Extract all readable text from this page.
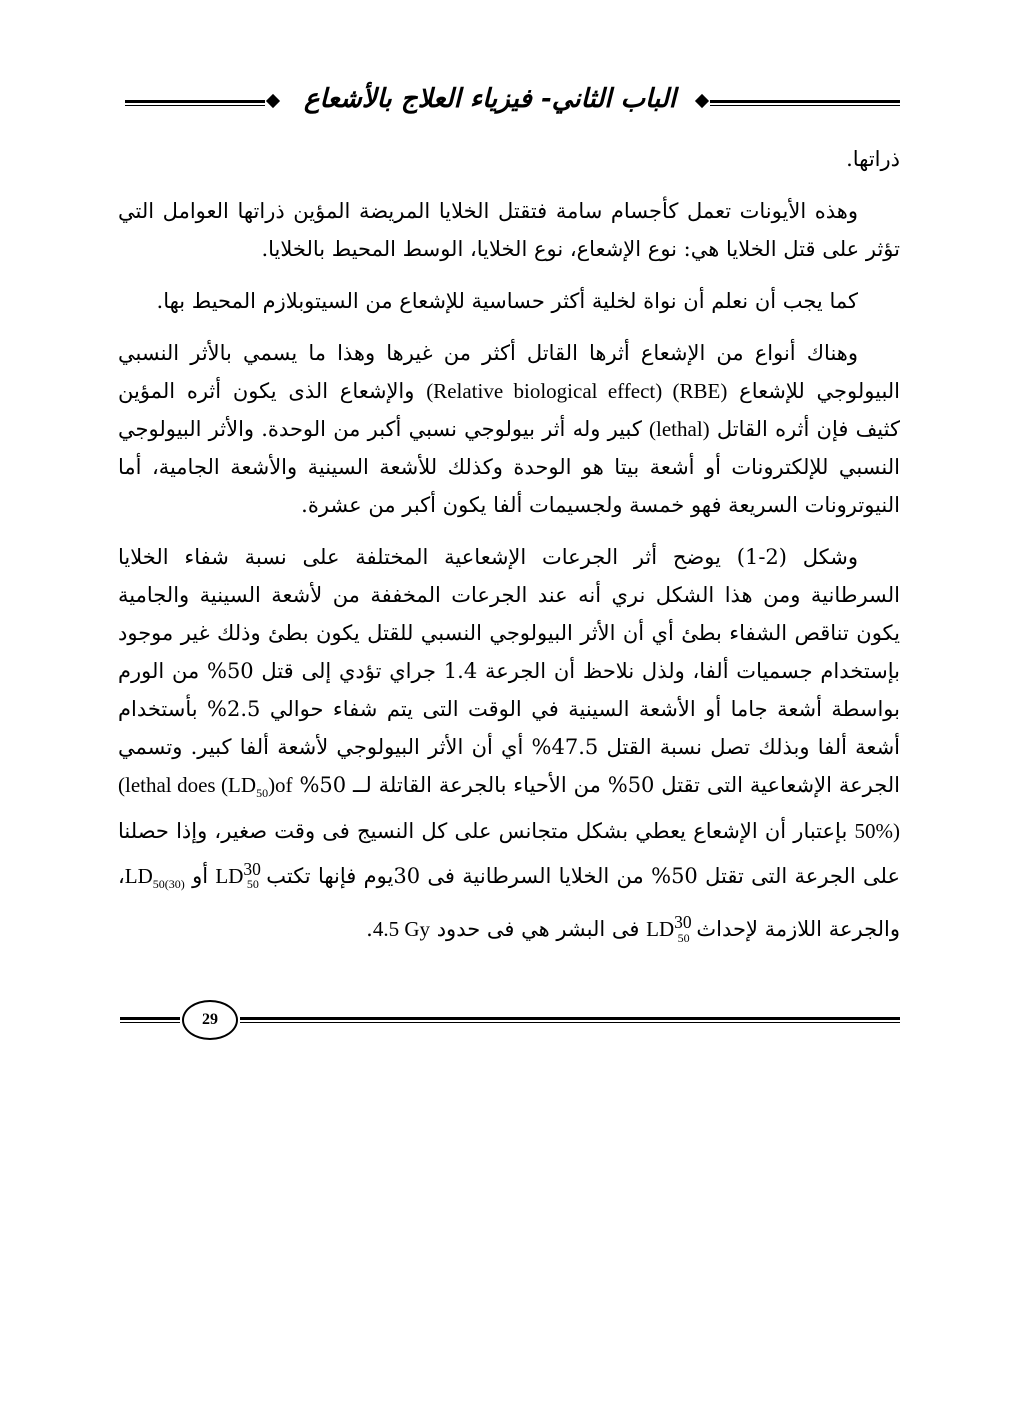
الباب الثاني- فيزياء العلاج بالأشعاع

ذراتها.

وهذه الأيونات تعمل كأجسام سامة فتقتل الخلايا المريضة المؤين ذراتها العوامل التي تؤثر على قتل الخلايا هي: نوع الإشعاع، نوع الخلايا، الوسط المحيط بالخلايا.

كما يجب أن نعلم أن نواة لخلية أكثر حساسية للإشعاع من السيتوبلازم المحيط بها.

وهناك أنواع من الإشعاع أثرها القاتل أكثر من غيرها وهذا ما يسمي بالأثر النسبي البيولوجي للإشعاع (Relative biological effect) (RBE) والإشعاع الذى يكون أثره المؤين كثيف فإن أثره القاتل (lethal) كبير وله أثر بيولوجي نسبي أكبر من الوحدة. والأثر البيولوجي النسبي للإلكترونات أو أشعة بيتا هو الوحدة وكذلك للأشعة السينية والأشعة الجامية، أما النيوترونات السريعة فهو خمسة ولجسيمات ألفا يكون أكبر من عشرة.

وشكل (2-1) يوضح أثر الجرعات الإشعاعية المختلفة على نسبة شفاء الخلايا السرطانية ومن هذا الشكل نري أنه عند الجرعات المخففة من لأشعة السينية والجامية يكون تناقص الشفاء بطئ أي أن الأثر البيولوجي النسبي للقتل يكون بطئ وذلك غير موجود بإستخدام جسميات ألفا، ولذل نلاحظ أن الجرعة 1.4 جراي تؤدي إلى قتل 50% من الورم بواسطة أشعة جاما أو الأشعة السينية في الوقت التى يتم شفاء حوالي 2.5% بأستخدام أشعة ألفا وبذلك تصل نسبة القتل 47.5% أي أن الأثر البيولوجي لأشعة ألفا كبير. وتسمي الجرعة الإشعاعية التى تقتل 50% من الأحياء بالجرعة القاتلة لــ 50% (lethal does $(LD_{50})of$ 50%) بإعتبار أن الإشعاع يعطي بشكل متجانس على كل النسيج فى وقت صغير، وإذا حصلنا على الجرعة التى تقتل 50% من الخلايا السرطانية فى 30يوم فإنها تكتب $LD^{30}_{50}$ أو $LD_{50(30)}،$ والجرعة اللازمة لإحداث $LD^{30}_{50}$ فى البشر هي فى حدود 4.5 Gy.

29
